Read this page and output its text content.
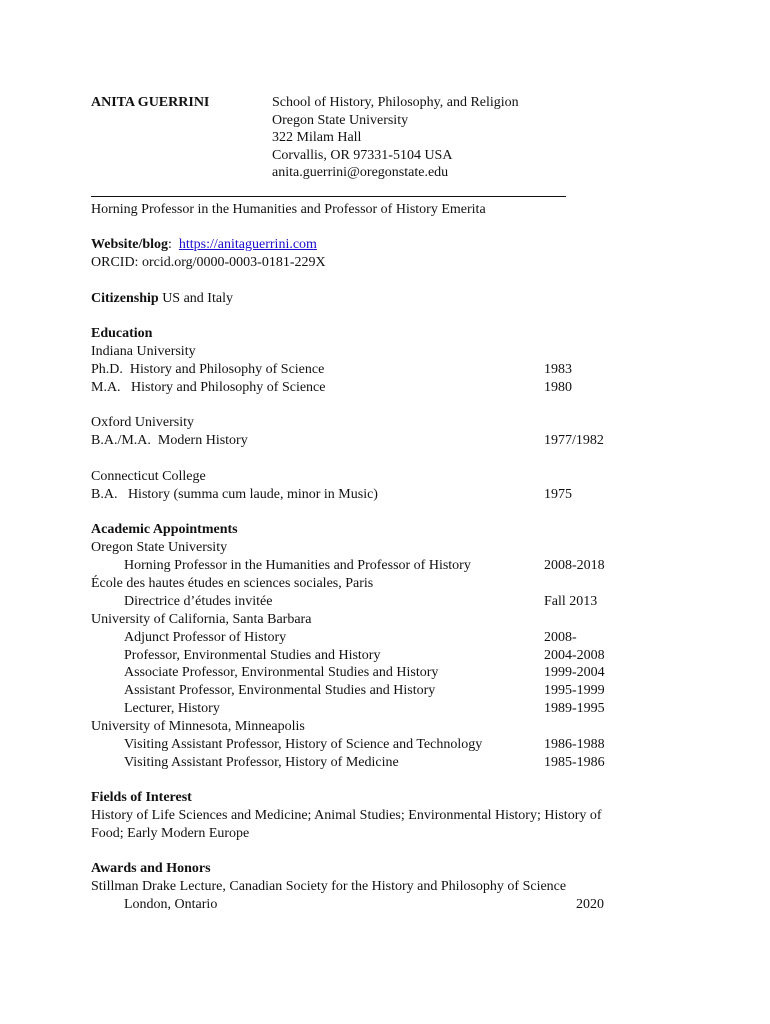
ANITA GUERRINI	School of History, Philosophy, and Religion
Oregon State University
322 Milam Hall
Corvallis, OR 97331-5104 USA
anita.guerrini@oregonstate.edu
Horning Professor in the Humanities and Professor of History Emerita
Website/blog:  https://anitaguerrini.com
ORCID: orcid.org/0000-0003-0181-229X
Citizenship US and Italy
Education
Indiana University
Ph.D.  History and Philosophy of Science	1983
M.A.   History and Philosophy of Science	1980
Oxford University
B.A./M.A.  Modern History	1977/1982
Connecticut College
B.A.   History (summa cum laude, minor in Music)	1975
Academic Appointments
Oregon State University
Horning Professor in the Humanities and Professor of History	2008-2018
École des hautes études en sciences sociales, Paris
Directrice d’études invitée	Fall 2013
University of California, Santa Barbara
Adjunct Professor of History	2008-
Professor, Environmental Studies and History	2004-2008
Associate Professor, Environmental Studies and History	1999-2004
Assistant Professor, Environmental Studies and History	1995-1999
Lecturer, History	1989-1995
University of Minnesota, Minneapolis
Visiting Assistant Professor, History of Science and Technology	1986-1988
Visiting Assistant Professor, History of Medicine	1985-1986
Fields of Interest
History of Life Sciences and Medicine; Animal Studies; Environmental History; History of
Food; Early Modern Europe
Awards and Honors
Stillman Drake Lecture, Canadian Society for the History and Philosophy of Science
London, Ontario	2020
